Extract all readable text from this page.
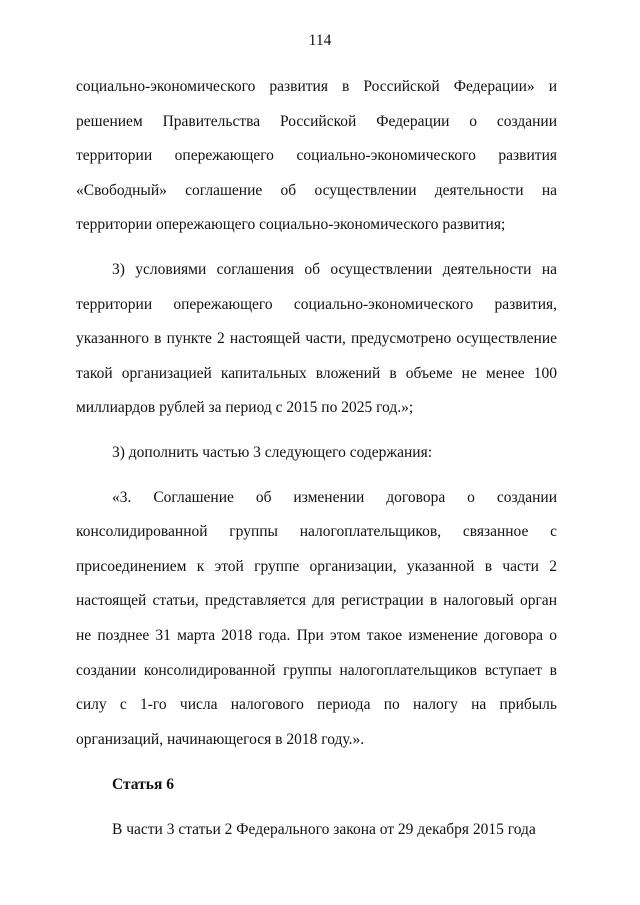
114

социально-экономического развития в Российской Федерации» и решением Правительства Российской Федерации о создании территории опережающего социально-экономического развития «Свободный» соглашение об осуществлении деятельности на территории опережающего социально-экономического развития;

3) условиями соглашения об осуществлении деятельности на территории опережающего социально-экономического развития, указанного в пункте 2 настоящей части, предусмотрено осуществление такой организацией капитальных вложений в объеме не менее 100 миллиардов рублей за период с 2015 по 2025 год.»;

3) дополнить частью 3 следующего содержания:

«3. Соглашение об изменении договора о создании консолидированной группы налогоплательщиков, связанное с присоединением к этой группе организации, указанной в части 2 настоящей статьи, представляется для регистрации в налоговый орган не позднее 31 марта 2018 года. При этом такое изменение договора о создании консолидированной группы налогоплательщиков вступает в силу с 1-го числа налогового периода по налогу на прибыль организаций, начинающегося в 2018 году.».

Статья 6

В части 3 статьи 2 Федерального закона от 29 декабря 2015 года
